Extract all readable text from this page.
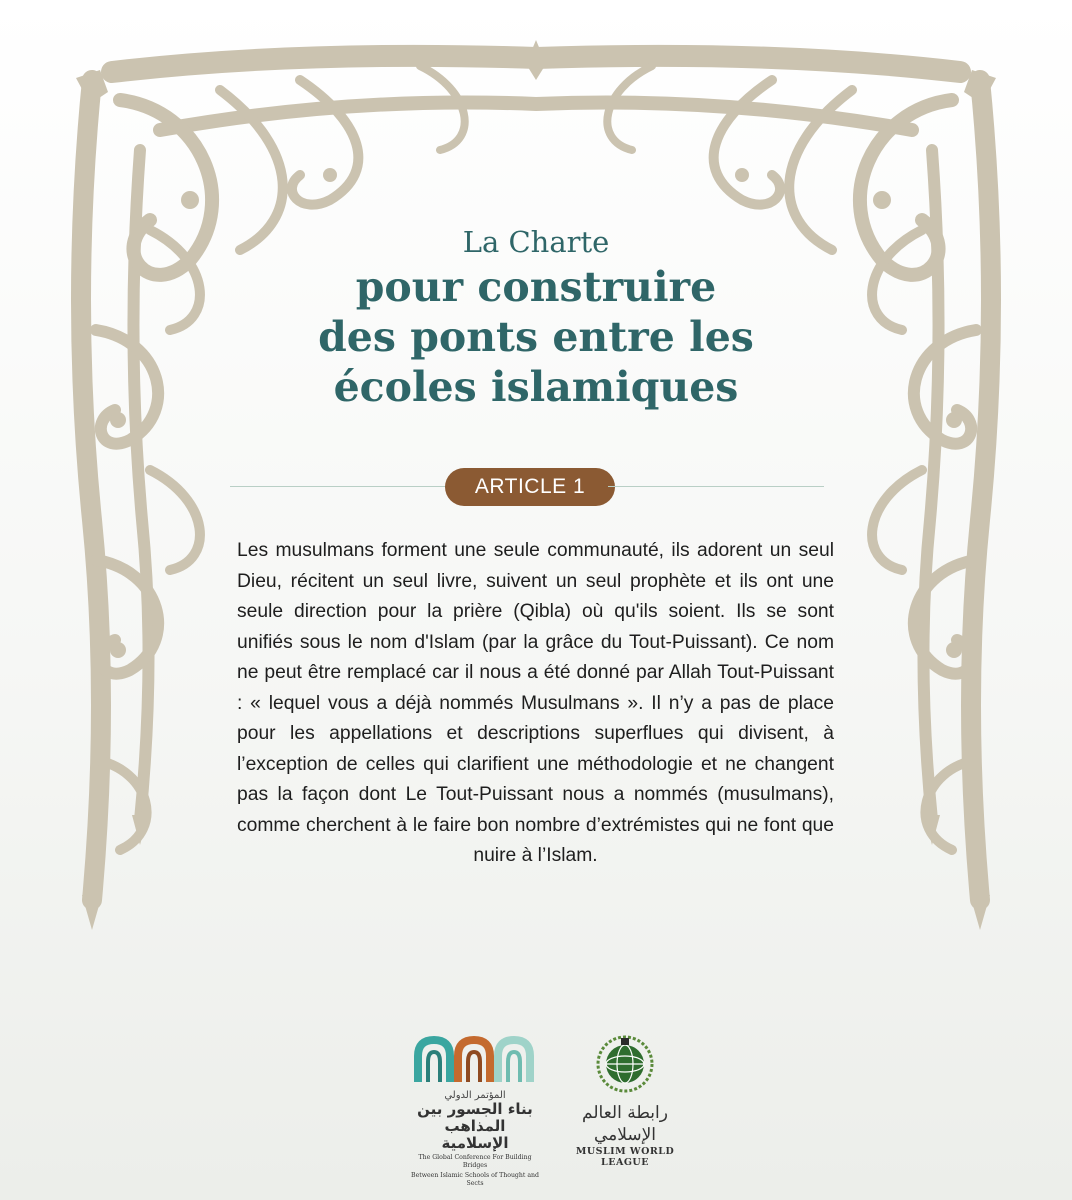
La Charte
pour construire
des ponts entre les
écoles islamiques
ARTICLE 1
Les musulmans forment une seule communauté, ils adorent un seul Dieu, récitent un seul livre, suivent un seul prophète et ils ont une seule direction pour la prière (Qibla) où qu'ils soient. Ils se sont unifiés sous le nom d'Islam (par la grâce du Tout-Puissant). Ce nom ne peut être remplacé car il nous a été donné par Allah Tout-Puissant : « lequel vous a déjà nommés Musulmans ». Il n’y a pas de place pour les appellations et descriptions superflues qui divisent, à l’exception de celles qui clarifient une méthodologie et ne changent pas la façon dont Le Tout-Puissant nous a nommés (musulmans), comme cherchent à le faire bon nombre d’extrémistes qui ne font que nuire à l’Islam.
المؤتمر الدولي
بناء الجسور بين
المذاهب الإسلامية
The Global Conference For Building Bridges
Between Islamic Schools of Thought and Sects
رابطة العالم الإسلامي
MUSLIM WORLD LEAGUE
